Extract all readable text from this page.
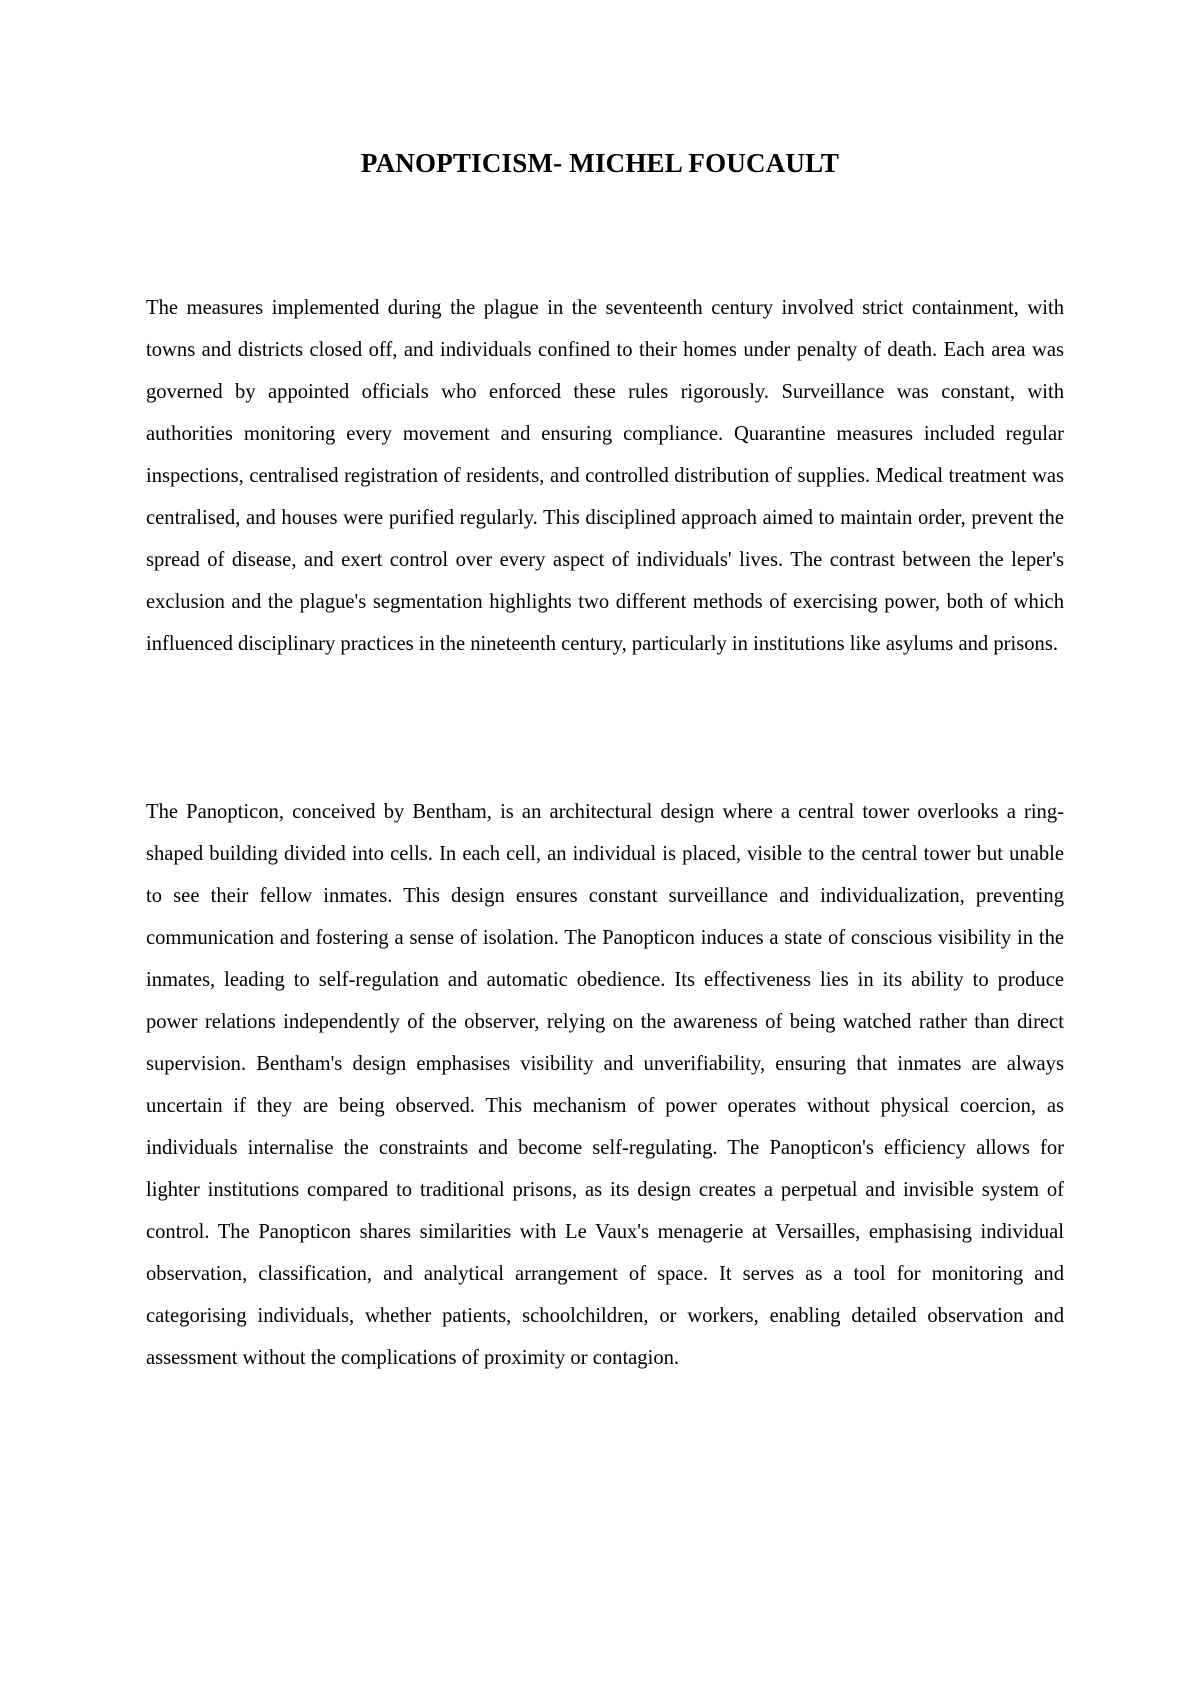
PANOPTICISM- MICHEL FOUCAULT

The measures implemented during the plague in the seventeenth century involved strict containment, with towns and districts closed off, and individuals confined to their homes under penalty of death. Each area was governed by appointed officials who enforced these rules rigorously. Surveillance was constant, with authorities monitoring every movement and ensuring compliance. Quarantine measures included regular inspections, centralised registration of residents, and controlled distribution of supplies. Medical treatment was centralised, and houses were purified regularly. This disciplined approach aimed to maintain order, prevent the spread of disease, and exert control over every aspect of individuals' lives. The contrast between the leper's exclusion and the plague's segmentation highlights two different methods of exercising power, both of which influenced disciplinary practices in the nineteenth century, particularly in institutions like asylums and prisons.

The Panopticon, conceived by Bentham, is an architectural design where a central tower overlooks a ring-shaped building divided into cells. In each cell, an individual is placed, visible to the central tower but unable to see their fellow inmates. This design ensures constant surveillance and individualization, preventing communication and fostering a sense of isolation. The Panopticon induces a state of conscious visibility in the inmates, leading to self-regulation and automatic obedience. Its effectiveness lies in its ability to produce power relations independently of the observer, relying on the awareness of being watched rather than direct supervision. Bentham's design emphasises visibility and unverifiability, ensuring that inmates are always uncertain if they are being observed. This mechanism of power operates without physical coercion, as individuals internalise the constraints and become self-regulating. The Panopticon's efficiency allows for lighter institutions compared to traditional prisons, as its design creates a perpetual and invisible system of control. The Panopticon shares similarities with Le Vaux's menagerie at Versailles, emphasising individual observation, classification, and analytical arrangement of space. It serves as a tool for monitoring and categorising individuals, whether patients, schoolchildren, or workers, enabling detailed observation and assessment without the complications of proximity or contagion.
